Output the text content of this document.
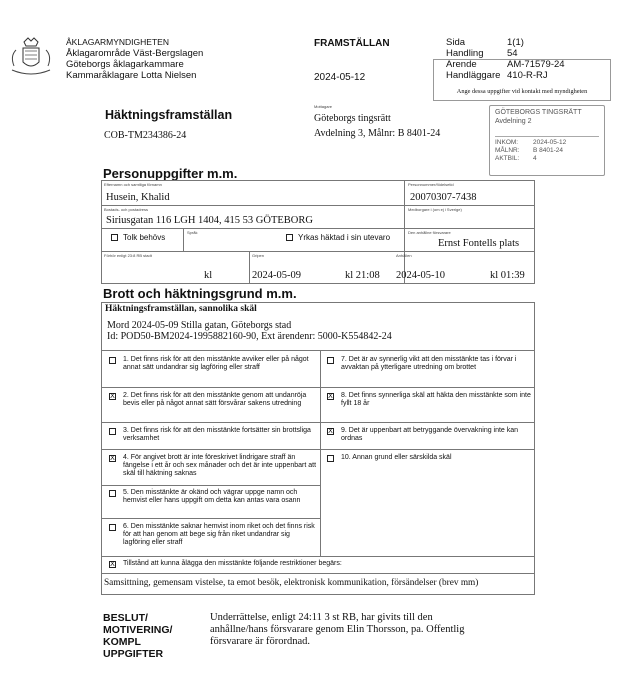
ÅKLAGARMYNDIGHETEN
Åklagarområde Väst-Bergslagen
Göteborgs åklagarkammare
Kammaråklagare Lotta Nielsen
FRAMSTÄLLAN
2024-05-12
Sida	1(1)
Handling 54
Ärende	AM-71579-24
Handläggare 410-R-RJ
Ange dessa uppgifter vid kontakt med myndigheten
Häktningsframställan
COB-TM234386-24
Mottagare
Göteborgs tingsrätt
Avdelning 3, Målnr: B 8401-24
GÖTEBORGS TINGSRÄTT
Avdelning 2
INKOM: 2024-05-12
MÅLNR: B 8401-24
AKTBIL: 4
Personuppgifter m.m.
Efternamn och samtliga förnamn
Husein, Khalid
Personnummer/födelsetid
20070307-7438
Bostads- och postadress
Siriusgatan 116 LGH 1404, 415 53 GÖTEBORG
Medborgare i (om ej i Sverige)
Tolk behövs
Språk
Yrkas häktad i sin utevaro
Den anhållne försvarare
Ernst Fontells plats
Förhör enligt 23:8 RB stadt
kl
Gripen
2024-05-09	kl 21:08
Anhållen
2024-05-10	kl 01:39
Brott och häktningsgrund m.m.
Häktningsframställan, sannolika skäl
Mord 2024-05-09 Stilla gatan, Göteborgs stad
Id: POD50-BM2024-1995882160-90, Ext ärendenr: 5000-K554842-24
1. Det finns risk för att den misstänkte avviker eller på något annat sätt undandrar sig lagföring eller straff
X 2. Det finns risk för att den misstänkte genom att undanröja bevis eller på något annat sätt försvårar sakens utredning
3. Det finns risk för att den misstänkte fortsätter sin brottsliga verksamhet
X 4. För angivet brott är inte föreskrivet lindrigare straff än fängelse i ett år och sex månader och det är inte uppenbart att skäl till häktning saknas
5. Den misstänkte är okänd och vägrar uppge namn och hemvist eller hans uppgift om detta kan antas vara osann
6. Den misstänkte saknar hemvist inom riket och det finns risk för att han genom att bege sig från riket undandrar sig lagföring eller straff
7. Det är av synnerlig vikt att den misstänkte tas i förvar i avvaktan på ytterligare utredning om brottet
X 8. Det finns synnerliga skäl att häkta den misstänkte som inte fyllt 18 år
X 9. Det är uppenbart att betryggande övervakning inte kan ordnas
10. Annan grund eller särskilda skäl
X Tillstånd att kunna ålägga den misstänkte följande restriktioner begärs:
Samsittning, gemensam vistelse, ta emot besök, elektronisk kommunikation, försändelser (brev mm)
BESLUT/
MOTIVERING/
KOMPL
UPPGIFTER
Underrättelse, enligt 24:11 3 st RB, har givits till den
anhållne/hans försvarare genom Elin Thorsson, pa. Offentlig
försvarare är förordnad.
